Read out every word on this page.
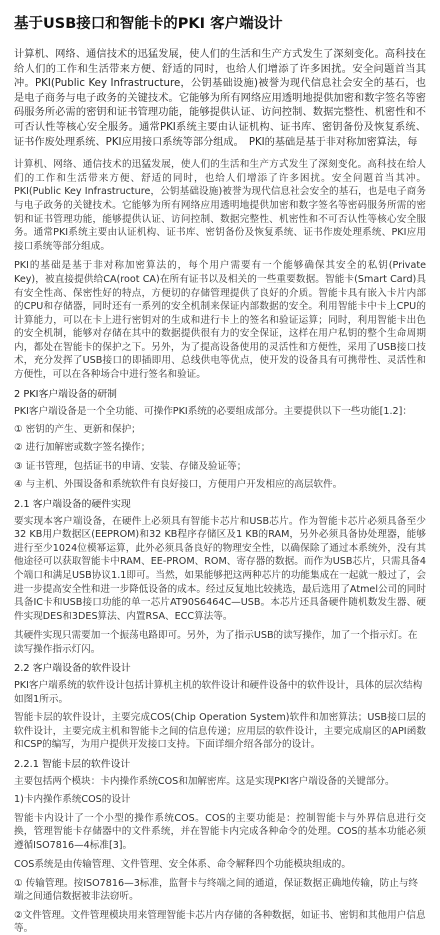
基于USB接口和智能卡的PKI 客户端设计

计算机、网络、通信技术的迅猛发展，使人们的生活和生产方式发生了深刻变化。高科技在给人们的工作和生活带来方便、舒适的同时，也给人们增添了许多困扰。安全问题首当其冲。PKI(Public Key Infrastructure，公钥基础设施)被誉为现代信息社会安全的基石，也是电子商务与电子政务的关键技术。它能够为所有网络应用透明地提供加密和数字签名等密码服务所必需的密钥和证书管理功能，能够提供认证、访问控制、数据完整性、机密性和不可否认性等核心安全服务。通常PKI系统主要由认证机构、证书库、密钥备份及恢复系统、证书作废处理系统、PKI应用接口系统等部分组成。　PKI的基础是基于非对称加密算法，每

计算机、网络、通信技术的迅猛发展，使人们的生活和生产方式发生了深刻变化。高科技在给人们的工作和生活带来方便、舒适的同时，也给人们增添了许多困扰。安全问题首当其冲。PKI(Public Key Infrastructure，公钥基础设施)被誉为现代信息社会安全的基石，也是电子商务与电子政务的关键技术。它能够为所有网络应用透明地提供加密和数字签名等密码服务所需的密钥和证书管理功能，能够提供认证、访问控制、数据完整性、机密性和不可否认性等核心安全服务。通常PKI系统主要由认证机构、证书库、密钥备份及恢复系统、证书作废处理系统、PKI应用接口系统等部分组成。

PKI的基础是基于非对称加密算法的，每个用户需要有一个能够确保其安全的私钥(Private Key)，被直接提供给CA(root CA)在所有证书以及相关的一些重要数据。智能卡(Smart Card)具有安全性高、保密性好的特点，方便切的存储管理提供了良好的介质。智能卡具有嵌入卡片内部的CPU和存储器，同时还有一系列的安全机制来保证内部数据的安全。利用智能卡中卡上CPU的计算能力，可以在卡上进行密钥对的生成和进行卡上的签名和验证运算；同时，利用智能卡出色的安全机制，能够对存储在其中的数据提供很有力的安全保证，这样在用户私钥的整个生命周期内，都处在智能卡的保护之下。另外，为了提高设备使用的灵活性和方便性，采用了USB接口技术，充分发挥了USB接口的即插即用、总线供电等优点，使开发的设备具有可携带性、灵活性和方便性，可以在各种场合中进行签名和验证。

2 PKI客户端设备的研制

PKI客户端设备是一个全功能、可操作PKI系统的必要组成部分。主要提供以下一些功能[1.2]：

① 密钥的产生、更新和保护；

② 进行加解密或数字签名操作；

③ 证书管理，包括证书的申请、安装、存储及验证等；

④ 与主机、外围设备和系统软件有良好接口，方便用户开发相应的高层软件。

2.1 客户端设备的硬件实现

要实现本客户端设备，在硬件上必须具有智能卡芯片和USB芯片。作为智能卡芯片必须具备至少32 KB用户数据区(EEPROM)和32 KB程序存储区及1 KB的RAM，另外必须具备协处理器，能够进行至少1024位模幂运算，此外必须具备良好的物理安全性，以确保除了通过本系统外，没有其他途径可以获取智能卡中RAM、EE-PROM、ROM、寄存器的数据。而作为USB芯片，只需具备4个端口和满足USB协议1.1即可。当然，如果能够把这两种芯片的功能集成在一起就一般过了，会进一步提高安全性和进一步降低设备的成本。经过反复地比较挑选，最后选用了Atmel公司的同时具备IC卡和USB接口功能的单一芯片AT90S6464C—USB。本芯片还具备硬件随机数发生器、硬件实现DES和3DES算法、内置RSA、ECC算法等。

其硬件实现只需要加一个振荡电路即可。另外，为了指示USB的读写操作，加了一个指示灯。在读写操作指示灯闪。

2.2 客户端设备的软件设计

PKI客户端系统的软件设计包括计算机主机的软件设计和硬件设备中的软件设计，具体的层次结构如图1所示。

智能卡层的软件设计，主要完成COS(Chip Operation System)软件和加密算法；USB接口层的软件设计，主要完成主机和智能卡之间的信息传递；应用层的软件设计，主要完成扇区的API函数和CSP的编写，为用户提供开发接口支持。下面详细介绍各部分的设计。

2.2.1 智能卡层的软件设计

主要包括两个模块：卡内操作系统COS和加解密库。这是实现PKI客户端设备的关键部分。

1)卡内操作系统COS的设计

智能卡内设计了一个小型的操作系统COS。COS的主要功能是：控制智能卡与外界信息进行交换，管理智能卡存储器中的文件系统，并在智能卡内完成各种命令的处理。COS的基本功能必须遵循ISO7816—4标准[3]。

COS系统是由传输管理、文件管理、安全体系、命令解释四个功能模块组成的。

① 传输管理。按ISO7816—3标准，监督卡与终端之间的通道，保证数据正确地传输，防止与终端之间通信数据被非法窃听。

②文件管理。文件管理模块用来管理智能卡芯片内存储的各种数据，如证书、密钥和其他用户信息等。
